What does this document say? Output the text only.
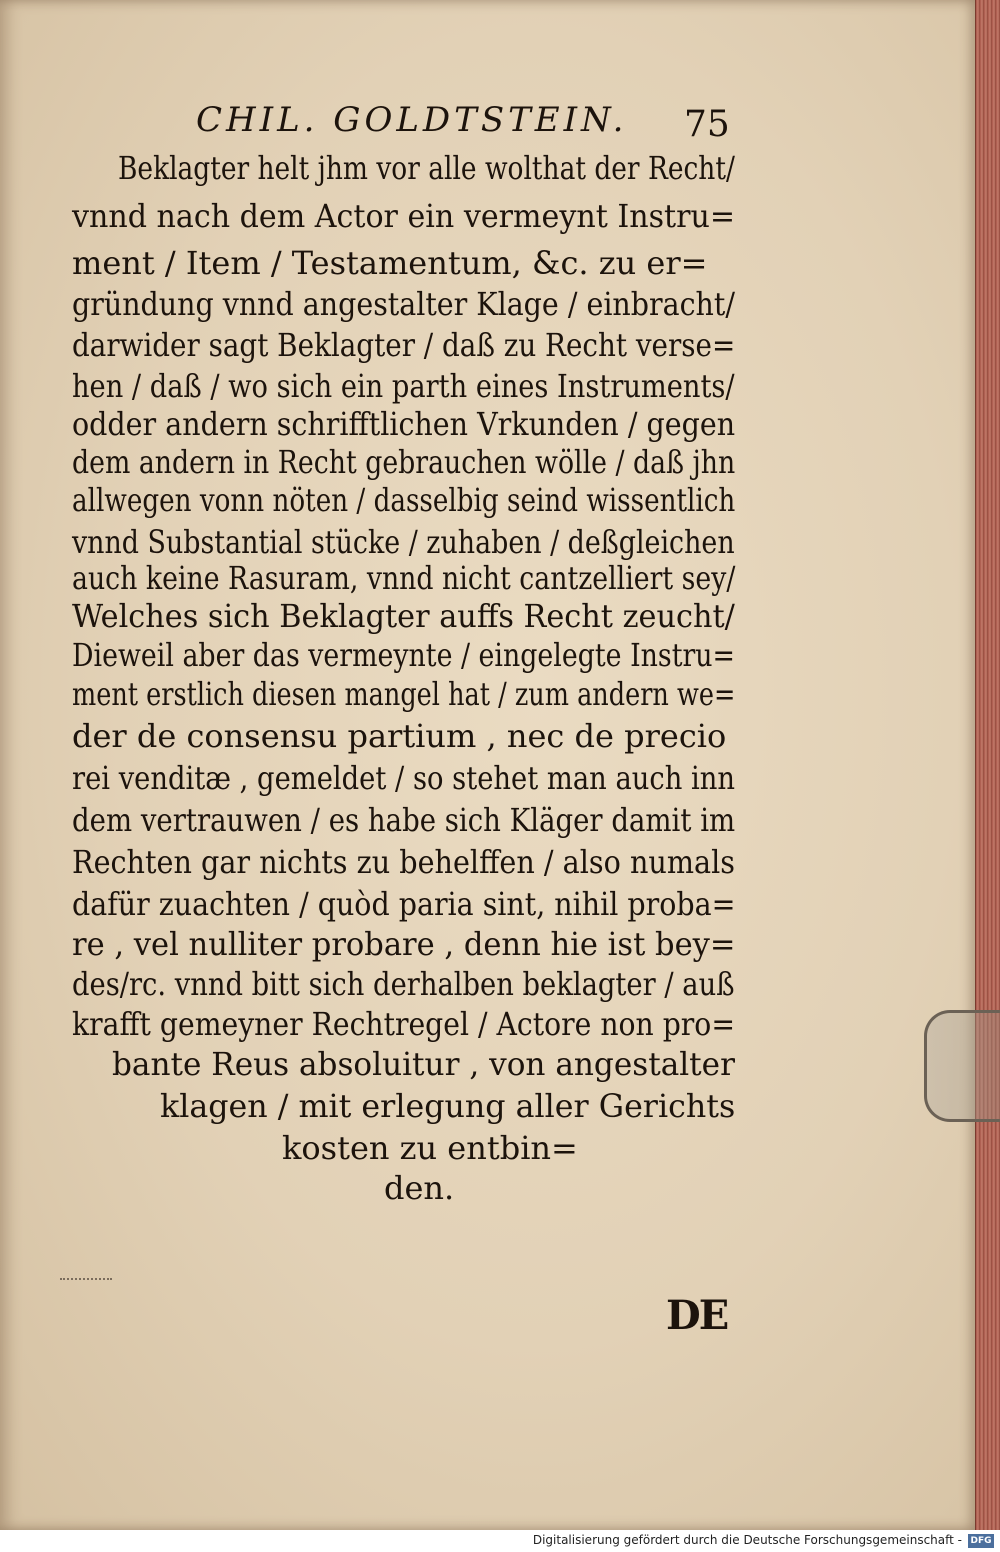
CHIL. GOLDTSTEIN. 75
Beklagter helt jhm vor alle wolthat der Recht/
vnnd nach dem Actor ein vermeynt Instru=
ment / Item / Testamentum, &c. zu er=
gründung vnnd angestalter Klage / einbracht/
darwider sagt Beklagter / daß zu Recht verse=
hen / daß / wo sich ein parth eines Instruments/
odder andern schrifftlichen Vrkunden / gegen
dem andern in Recht gebrauchen wölle / daß jhn
allwegen vonn nöten / dasselbig seind wissentlich
vnnd Substantial stücke / zuhaben / deßgleichen
auch keine Rasuram, vnnd nicht cantzelliert sey/
Welches sich Beklagter auffs Recht zeucht/
Dieweil aber das vermeynte / eingelegte Instru=
ment erstlich diesen mangel hat / zum andern we=
der de consensu partium , nec de precio
rei venditæ , gemeldet / so stehet man auch inn
dem vertrauwen / es habe sich Kläger damit im
Rechten gar nichts zu behelffen / also numals
dafür zuachten / quòd paria sint, nihil proba=
re , vel nulliter probare , denn hie ist bey=
des/rc. vnnd bitt sich derhalben beklagter / auß
krafft gemeyner Rechtregel / Actore non pro=
bante Reus absoluitur , von angestalter
klagen / mit erlegung aller Gerichts
kosten zu entbin=
den.
DE
Digitalisierung gefördert durch die Deutsche Forschungsgemeinschaft - DFG
